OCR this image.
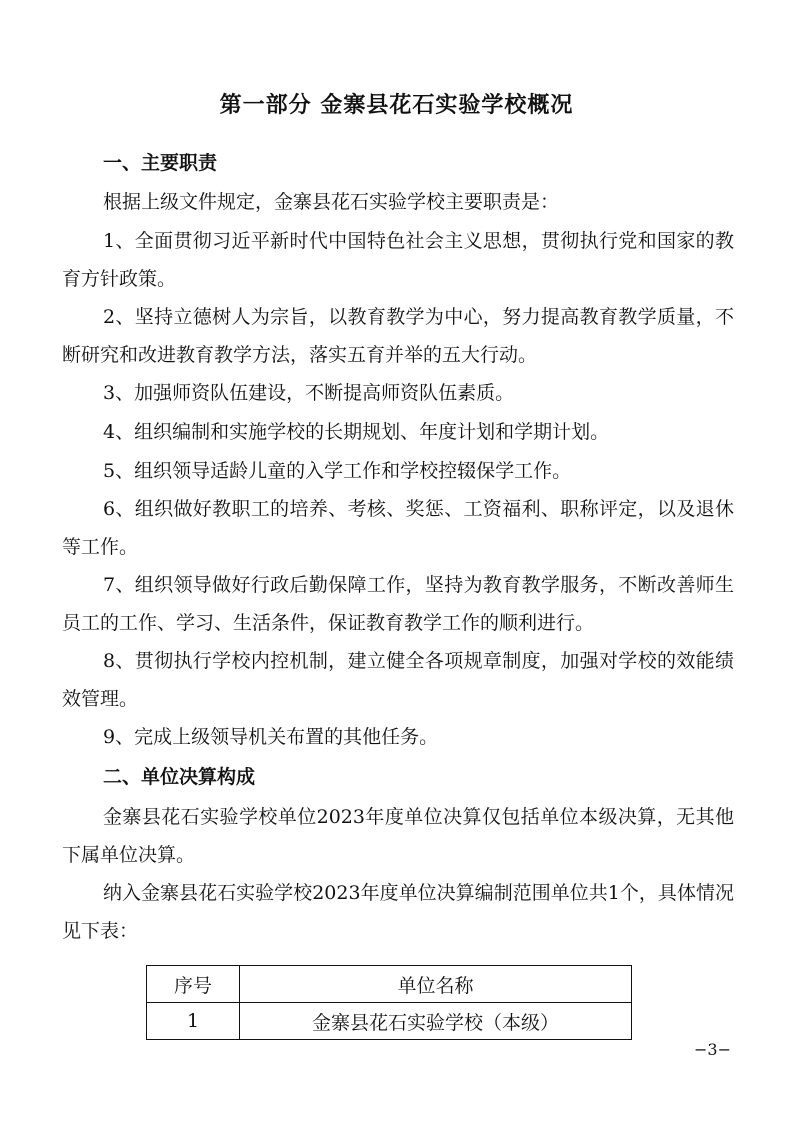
第一部分 金寨县花石实验学校概况
一、主要职责

根据上级文件规定，金寨县花石实验学校主要职责是：

1、全面贯彻习近平新时代中国特色社会主义思想，贯彻执行党和国家的教育方针政策。

2、坚持立德树人为宗旨，以教育教学为中心，努力提高教育教学质量，不断研究和改进教育教学方法，落实五育并举的五大行动。

3、加强师资队伍建设，不断提高师资队伍素质。

4、组织编制和实施学校的长期规划、年度计划和学期计划。

5、组织领导适龄儿童的入学工作和学校控辍保学工作。

6、组织做好教职工的培养、考核、奖惩、工资福利、职称评定，以及退休等工作。

7、组织领导做好行政后勤保障工作，坚持为教育教学服务，不断改善师生员工的工作、学习、生活条件，保证教育教学工作的顺利进行。

8、贯彻执行学校内控机制，建立健全各项规章制度，加强对学校的效能绩效管理。

9、完成上级领导机关布置的其他任务。

二、单位决算构成

金寨县花石实验学校单位2023年度单位决算仅包括单位本级决算，无其他下属单位决算。

纳入金寨县花石实验学校2023年度单位决算编制范围单位共1个，具体情况见下表：

序号	单位名称
1	金寨县花石实验学校（本级）
−3−
